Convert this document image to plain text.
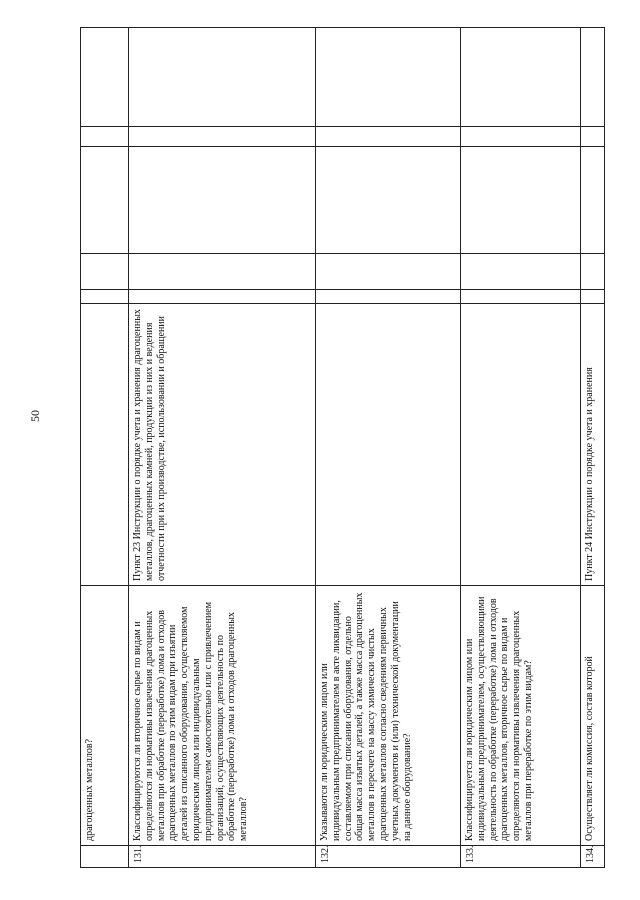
50
	драгоценных металлов?						
131.	Классифицируются ли вторичное сырье по видам и определяются ли нормативы извлечения драгоценных металлов при обработке (переработке) лома и отходов драгоценных металлов по этим видам при изъятии деталей из списанного оборудования, осуществляемом юридическим лицом или индивидуальным предпринимателем самостоятельно или с привлечением организаций, осуществляющих деятельность по обработке (переработке) лома и отходов драгоценных металлов?	Пункт 23 Инструкции о порядке учета и хранения драгоценных металлов, драгоценных камней, продукции из них и ведения отчетности при их производстве, использовании и обращении					
132.	Указываются ли юридическим лицом или индивидуальным предпринимателем в акте ликвидации, составляемом при списании оборудования, отдельно общая масса изъятых деталей, а также масса драгоценных металлов в пересчете на массу химически чистых драгоценных металлов согласно сведениям первичных учетных документов и (или) технической документации на данное оборудование?						
133.	Классифицируется ли юридическим лицом или индивидуальным предпринимателем, осуществляющими деятельность по обработке (переработке) лома и отходов драгоценных металлов, вторичное сырье по видам и определяются ли нормативы извлечения драгоценных металлов при переработке по этим видам?						
134.	Осуществляет ли комиссия, состав которой	Пункт 24 Инструкции о порядке учета и хранения					
